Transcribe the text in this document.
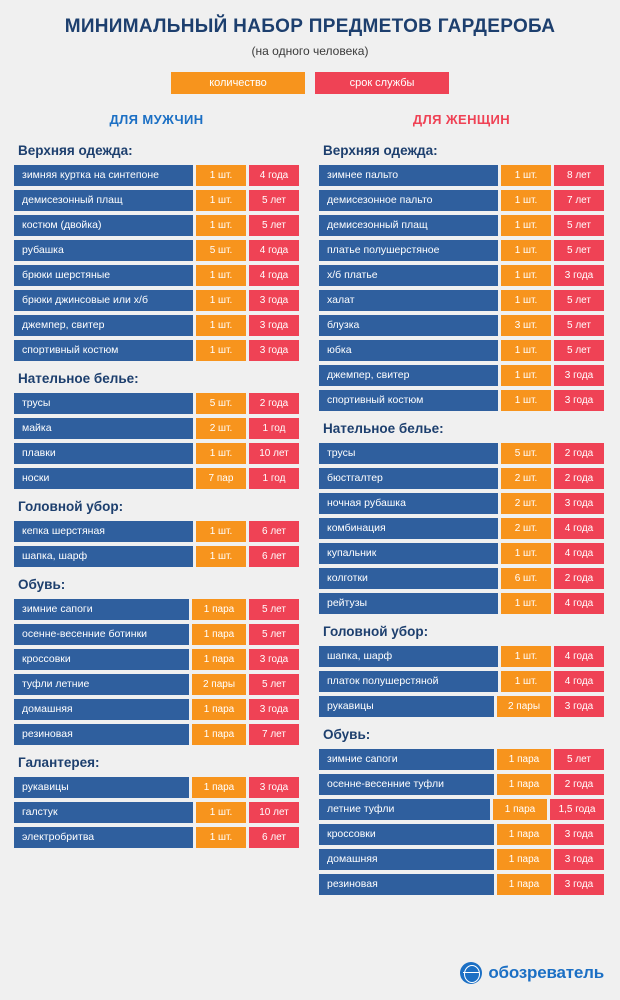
МИНИМАЛЬНЫЙ НАБОР ПРЕДМЕТОВ ГАРДЕРОБА
(на одного человека)
количество	срок службы
ДЛЯ МУЖЧИН
Верхняя одежда:
зимняя куртка на синтепоне	1 шт.	4 года
демисезонный плащ	1 шт.	5 лет
костюм (двойка)	1 шт.	5 лет
рубашка	5 шт.	4 года
брюки шерстяные	1 шт.	4 года
брюки джинсовые или х/б	1 шт.	3 года
джемпер, свитер	1 шт.	3 года
спортивный костюм	1 шт.	3 года
Нательное белье:
трусы	5 шт.	2 года
майка	2 шт.	1 год
плавки	1 шт.	10 лет
носки	7 пар	1 год
Головной убор:
кепка шерстяная	1 шт.	6 лет
шапка, шарф	1 шт.	6 лет
Обувь:
зимние сапоги	1 пара	5 лет
осенне-весенние ботинки	1 пара	5 лет
кроссовки	1 пара	3 года
туфли летние	2 пары	5 лет
домашняя	1 пара	3 года
резиновая	1 пара	7 лет
Галантерея:
рукавицы	1 пара	3 года
галстук	1 шт.	10 лет
электробритва	1 шт.	6 лет
ДЛЯ ЖЕНЩИН
Верхняя одежда:
зимнее пальто	1 шт.	8 лет
демисезонное пальто	1 шт.	7 лет
демисезонный плащ	1 шт.	5 лет
платье полушерстяное	1 шт.	5 лет
х/б платье	1 шт.	3 года
халат	1 шт.	5 лет
блузка	3 шт.	5 лет
юбка	1 шт.	5 лет
джемпер, свитер	1 шт.	3 года
спортивный костюм	1 шт.	3 года
Нательное белье:
трусы	5 шт.	2 года
бюстгалтер	2 шт.	2 года
ночная рубашка	2 шт.	3 года
комбинация	2 шт.	4 года
купальник	1 шт.	4 года
колготки	6 шт.	2 года
рейтузы	1 шт.	4 года
Головной убор:
шапка, шарф	1 шт.	4 года
платок полушерстяной	1 шт.	4 года
рукавицы	2 пары	3 года
Обувь:
зимние сапоги	1 пара	5 лет
осенне-весенние туфли	1 пара	2 года
летние туфли	1 пара	1,5 года
кроссовки	1 пара	3 года
домашняя	1 пара	3 года
резиновая	1 пара	3 года
обозреватель
